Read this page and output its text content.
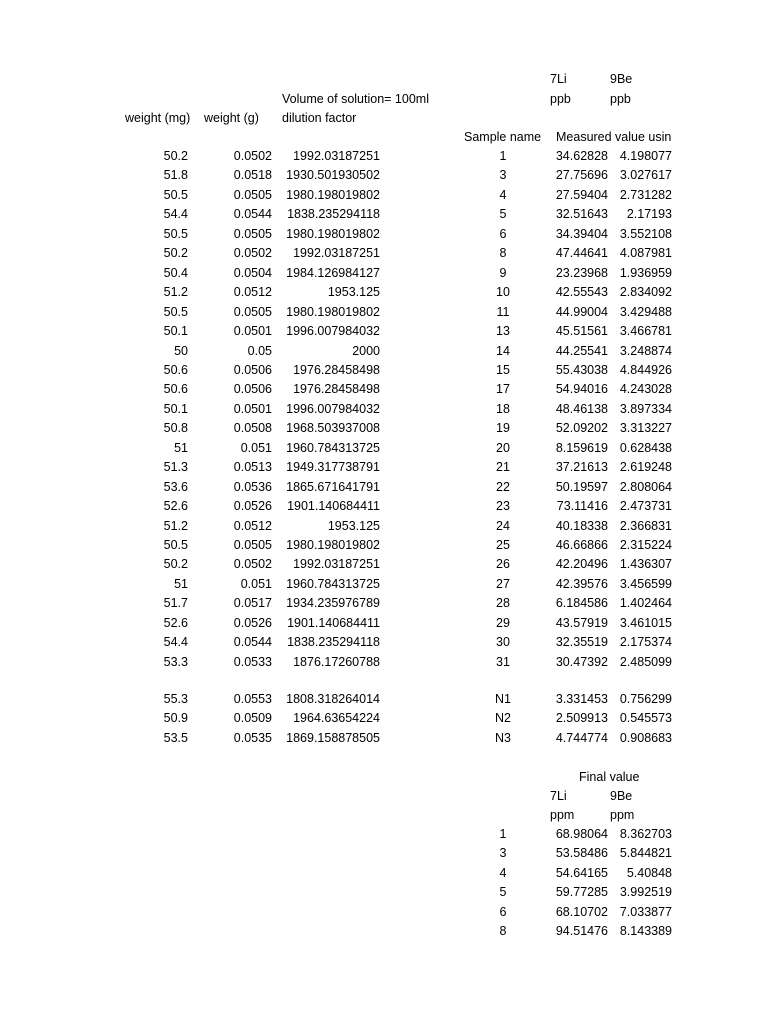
7Li	9Be
ppb	ppb
Volume of solution= 100ml
weight (mg) weight (g) dilution factor
Sample name Measured value usin
50.2	0.0502	1992.03187251	1	34.62828 4.198077
51.8	0.0518	1930.501930502	3	27.75696 3.027617
50.5	0.0505	1980.198019802	4	27.59404 2.731282
54.4	0.0544	1838.235294118	5	32.51643	2.17193
50.5	0.0505	1980.198019802	6	34.39404 3.552108
50.2	0.0502	1992.03187251	8	47.44641 4.087981
50.4	0.0504	1984.126984127	9	23.23968 1.936959
51.2	0.0512	1953.125	10	42.55543 2.834092
50.5	0.0505	1980.198019802	11	44.99004 3.429488
50.1	0.0501	1996.007984032	13	45.51561 3.466781
50	0.05	2000	14	44.25541 3.248874
50.6	0.0506	1976.28458498	15	55.43038 4.844926
50.6	0.0506	1976.28458498	17	54.94016 4.243028
50.1	0.0501	1996.007984032	18	48.46138 3.897334
50.8	0.0508	1968.503937008	19	52.09202 3.313227
51	0.051	1960.784313725	20	8.159619 0.628438
51.3	0.0513	1949.317738791	21	37.21613 2.619248
53.6	0.0536	1865.671641791	22	50.19597 2.808064
52.6	0.0526	1901.140684411	23	73.11416 2.473731
51.2	0.0512	1953.125	24	40.18338 2.366831
50.5	0.0505	1980.198019802	25	46.66866 2.315224
50.2	0.0502	1992.03187251	26	42.20496 1.436307
51	0.051	1960.784313725	27	42.39576 3.456599
51.7	0.0517	1934.235976789	28	6.184586 1.402464
52.6	0.0526	1901.140684411	29	43.57919 3.461015
54.4	0.0544	1838.235294118	30	32.35519 2.175374
53.3	0.0533	1876.17260788	31	30.47392 2.485099
55.3	0.0553	1808.318264014	N1	3.331453 0.756299
50.9	0.0509	1964.63654224	N2	2.509913 0.545573
53.5	0.0535	1869.158878505	N3	4.744774 0.908683
Final value
7Li	9Be
ppm	ppm
1	68.98064 8.362703
3	53.58486 5.844821
4	54.64165	5.40848
5	59.77285 3.992519
6	68.10702 7.033877
8	94.51476 8.143389
